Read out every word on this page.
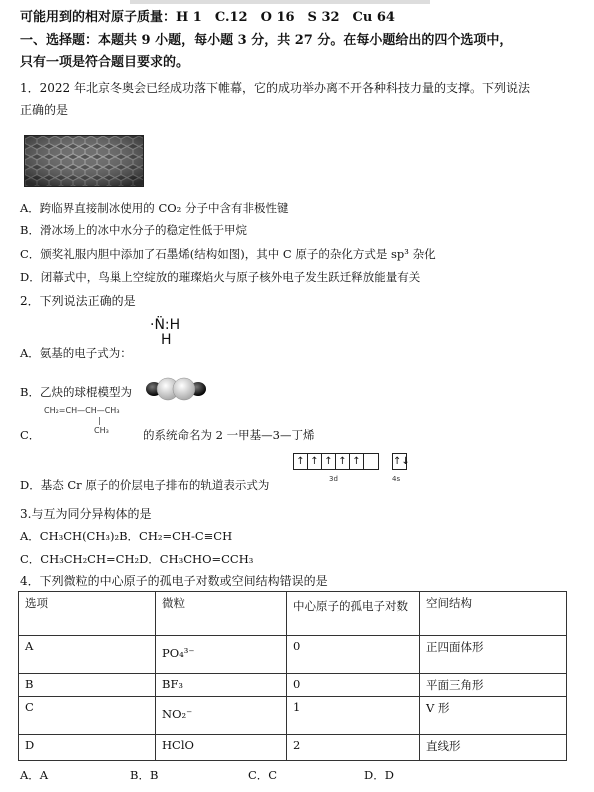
可能用到的相对原子质量：H 1　C.12　O 16　S 32　Cu 64
一、选择题：本题共 9 小题，每小题 3 分，共 27 分。在每小题给出的四个选项中，
只有一项是符合题目要求的。
1．2022 年北京冬奥会已经成功落下帷幕，它的成功举办离不开各种科技力量的支撑。下列说法
正确的是
A．跨临界直接制冰使用的 CO₂ 分子中含有非极性键
B．滑冰场上的冰中水分子的稳定性低于甲烷
C．颁奖礼服内胆中添加了石墨烯(结构如图)，其中 C 原子的杂化方式是 sp³ 杂化
D．闭幕式中，鸟巢上空绽放的璀璨焰火与原子核外电子发生跃迁释放能量有关
2．下列说法正确的是
·N̈:H
H
A．氨基的电子式为：
B．乙炔的球棍模型为
CH₂=CH—CH—CH₃
|
CH₃
C．	的系统命名为 2 一甲基—3—丁烯
↑ ↑ ↑ ↑ ↑	↑↓
3d	4s
D．基态 Cr 原子的价层电子排布的轨道表示式为
3.与互为同分异构体的是
A．CH₃CH(CH₃)₂B．CH₂=CH-C≡CH
C．CH₃CH₂CH=CH₂D．CH₃CHO=CCH₃
4．下列微粒的中心原子的孤电子对数或空间结构错误的是
选项	微粒	中心原子的孤电子对数	空间结构
A	PO₄³⁻	0	正四面体形
B	BF₃	0	平面三角形
C	NO₂⁻	1	V 形
D	HClO	2	直线形
A．A	B．B	C．C	D．D
